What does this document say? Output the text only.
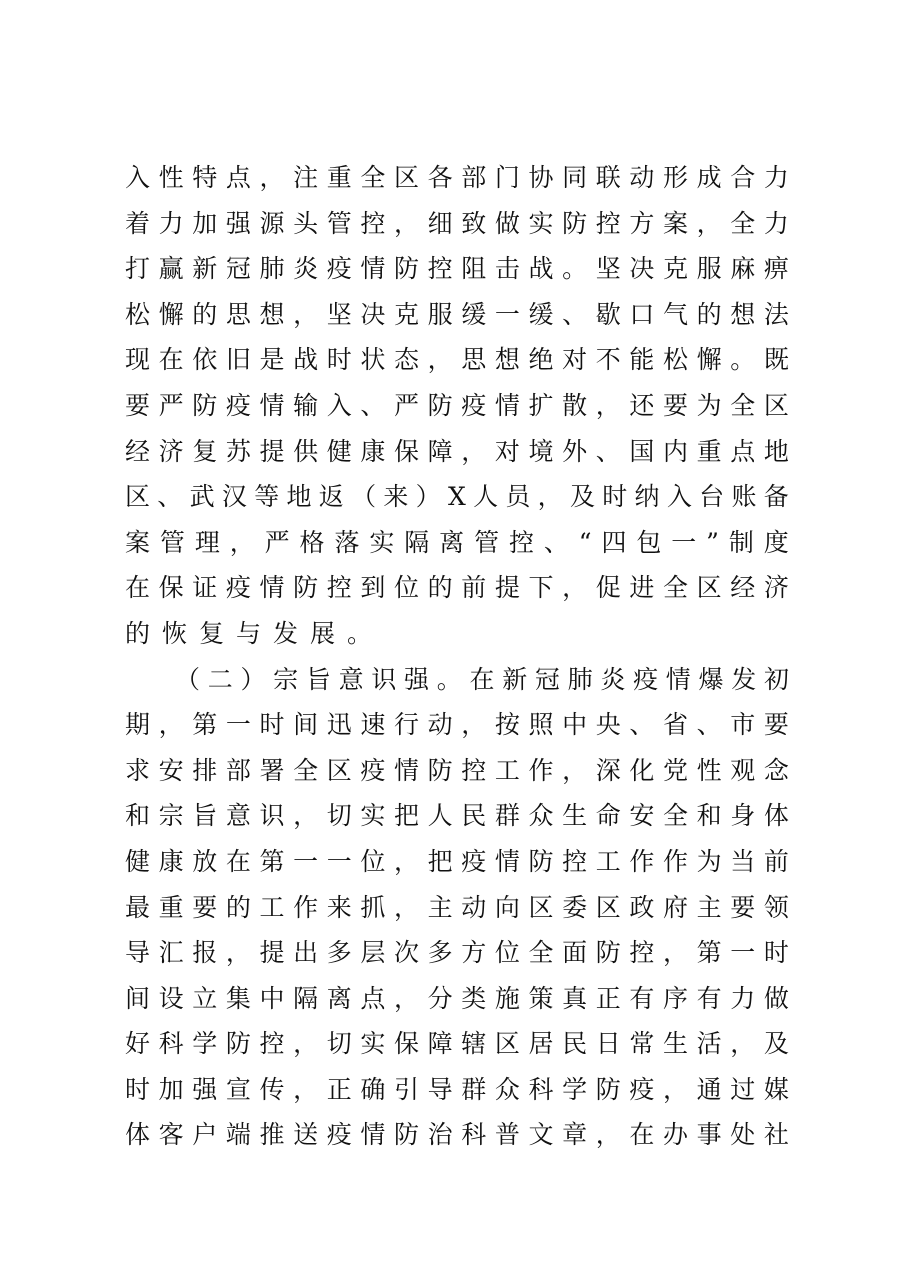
入 性 特 点 ， 注 重 全 区 各 部 门 协 同 联 动 形 成 合 力
着 力 加 强 源 头 管 控 ， 细 致 做 实 防 控 方 案 ， 全 力
打 赢 新 冠 肺 炎 疫 情 防 控 阻 击 战 。 坚 决 克 服 麻 痹
松 懈 的 思 想 ， 坚 决 克 服 缓 一 缓 、 歇 口 气 的 想 法
现 在 依 旧 是 战 时 状 态 ， 思 想 绝 对 不 能 松 懈 。 既
要 严 防 疫 情 输 入 、 严 防 疫 情 扩 散 ， 还 要 为 全 区
经 济 复 苏 提 供 健 康 保 障 ， 对 境 外 、 国 内 重 点 地
区 、 武 汉 等 地 返 （ 来 ） X 人 员 ， 及 时 纳 入 台 账 备
案 管 理 ， 严 格 落 实 隔 离 管 控 、 “ 四 包 一 ” 制 度
在 保 证 疫 情 防 控 到 位 的 前 提 下 ， 促 进 全 区 经 济
的恢复与发展。
（ 二 ） 宗 旨 意 识 强 。 在 新 冠 肺 炎 疫 情 爆 发 初
期 ， 第 一 时 间 迅 速 行 动 ， 按 照 中 央 、 省 、 市 要
求 安 排 部 署 全 区 疫 情 防 控 工 作 ， 深 化 党 性 观 念
和 宗 旨 意 识 ， 切 实 把 人 民 群 众 生 命 安 全 和 身 体
健 康 放 在 第 一 一 位 ， 把 疫 情 防 控 工 作 作 为 当 前
最 重 要 的 工 作 来 抓 ， 主 动 向 区 委 区 政 府 主 要 领
导 汇 报 ， 提 出 多 层 次 多 方 位 全 面 防 控 ， 第 一 时
间 设 立 集 中 隔 离 点 ， 分 类 施 策 真 正 有 序 有 力 做
好 科 学 防 控 ， 切 实 保 障 辖 区 居 民 日 常 生 活 ， 及
时 加 强 宣 传 ， 正 确 引 导 群 众 科 学 防 疫 ， 通 过 媒
体 客 户 端 推 送 疫 情 防 治 科 普 文 章 ， 在 办 事 处 社
